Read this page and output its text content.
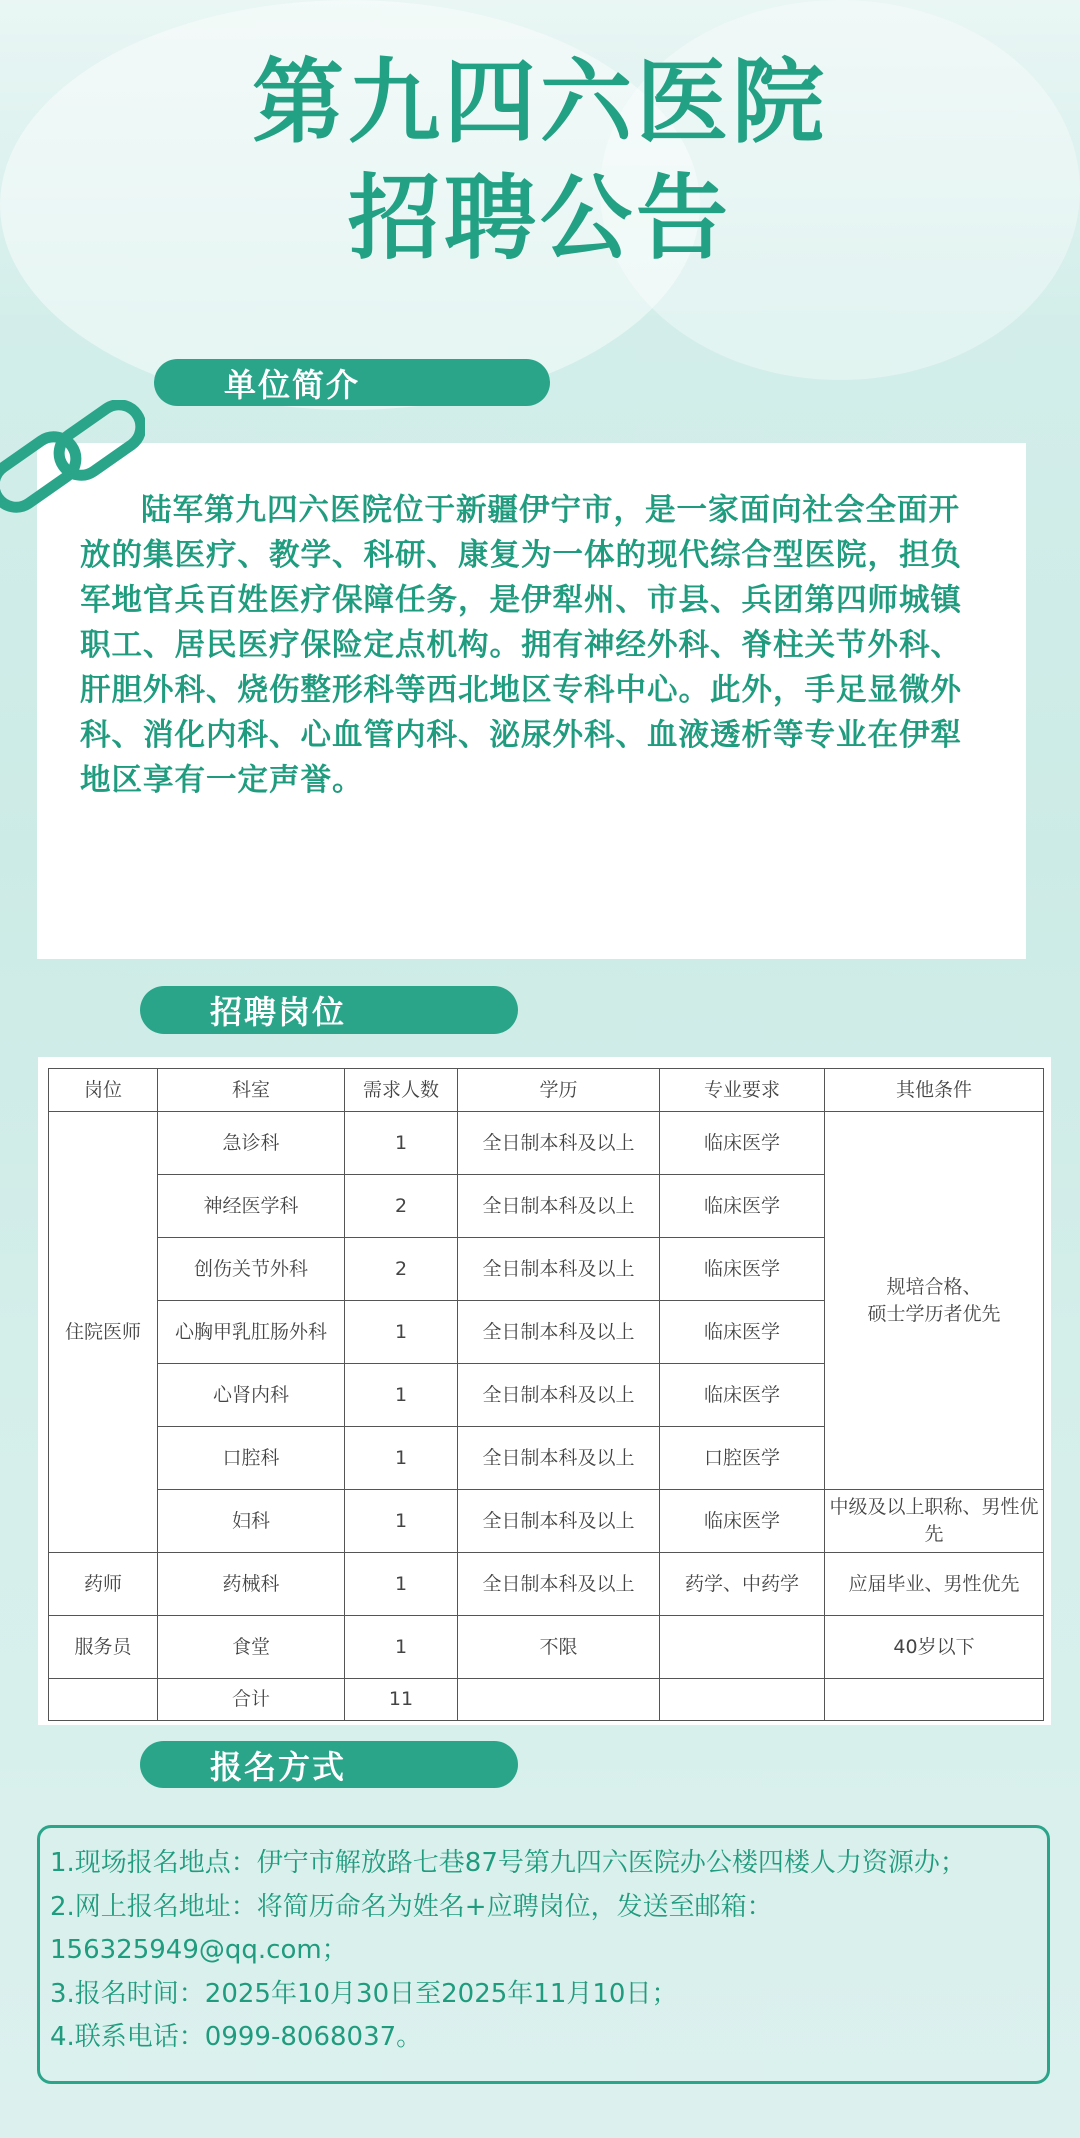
第九四六医院
招聘公告
单位简介
陆军第九四六医院位于新疆伊宁市，是一家面向社会全面开放的集医疗、教学、科研、康复为一体的现代综合型医院，担负军地官兵百姓医疗保障任务，是伊犁州、市县、兵团第四师城镇职工、居民医疗保险定点机构。拥有神经外科、脊柱关节外科、肝胆外科、烧伤整形科等西北地区专科中心。此外，手足显微外科、消化内科、心血管内科、泌尿外科、血液透析等专业在伊犁地区享有一定声誉。
招聘岗位
岗位	科室	需求人数	学历	专业要求	其他条件
住院医师	急诊科	1	全日制本科及以上	临床医学	规培合格、
硕士学历者优先
	神经医学科	2	全日制本科及以上	临床医学	
	创伤关节外科	2	全日制本科及以上	临床医学	
	心胸甲乳肛肠外科	1	全日制本科及以上	临床医学	
	心肾内科	1	全日制本科及以上	临床医学	
	口腔科	1	全日制本科及以上	口腔医学	
	妇科	1	全日制本科及以上	临床医学	中级及以上职称、男性优先
药师	药械科	1	全日制本科及以上	药学、中药学	应届毕业、男性优先
服务员	食堂	1	不限		40岁以下
	合计	11			
报名方式
1.现场报名地点：伊宁市解放路七巷87号第九四六医院办公楼四楼人力资源办；
2.网上报名地址：将简历命名为姓名+应聘岗位，发送至邮箱：
156325949@qq.com；
3.报名时间：2025年10月30日至2025年11月10日；
4.联系电话：0999-8068037。
